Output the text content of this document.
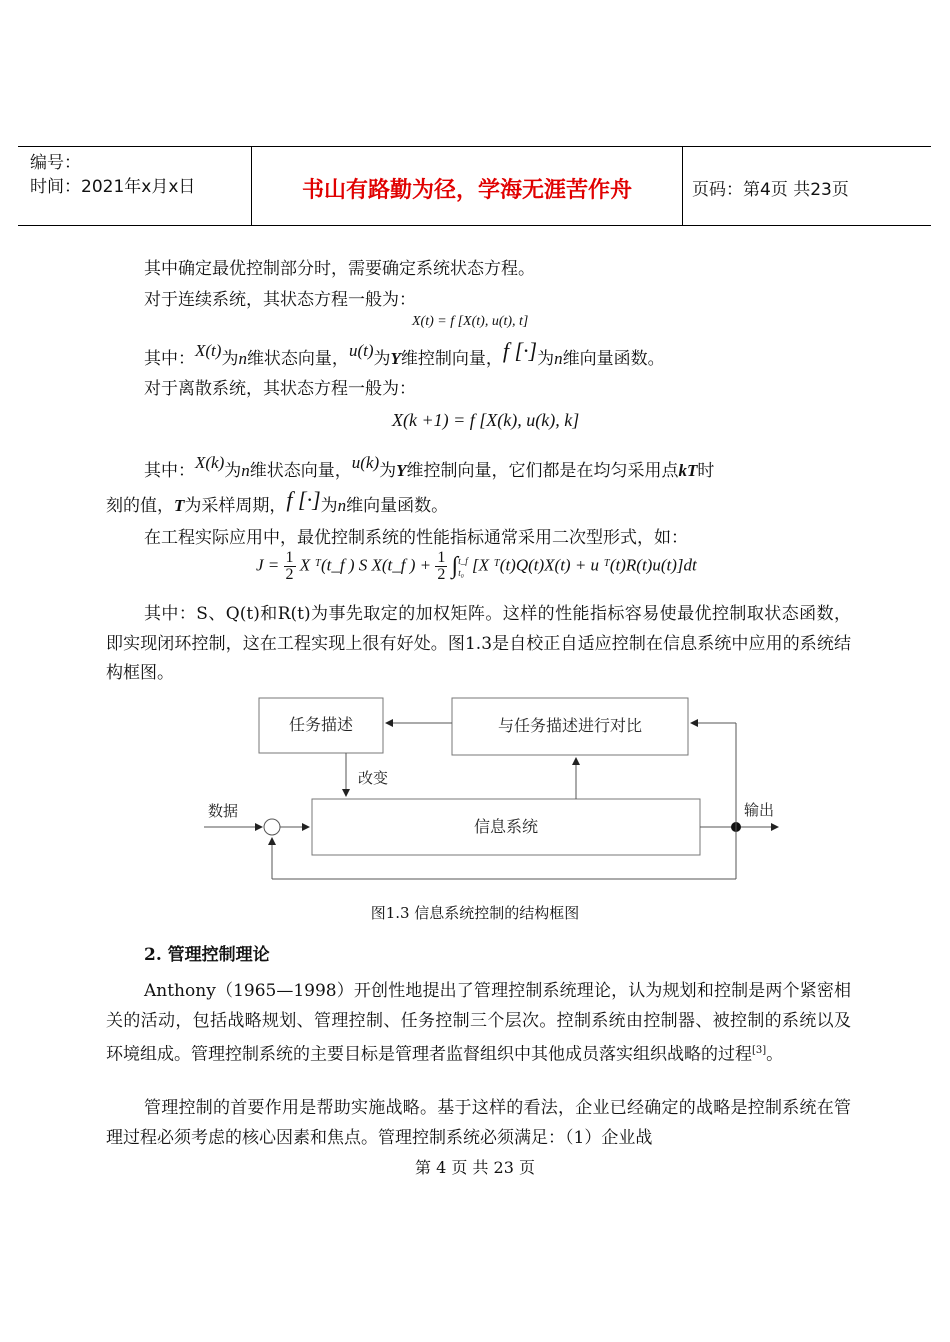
编号：
时间：2021年x月x日	书山有路勤为径，学海无涯苦作舟	页码：第4页 共23页
其中确定最优控制部分时，需要确定系统状态方程。
对于连续系统，其状态方程一般为：
X(t) = f [X(t), u(t), t]
其中：X(t)为n维状态向量，u(t)为Y维控制向量，f [·]为n维向量函数。
对于离散系统，其状态方程一般为：
X(k +1) = f [X(k), u(k), k]
其中：X(k)为n维状态向量，u(k)为Y维控制向量，它们都是在均匀采用点kT时
刻的值，T为采样周期，f [·]为n维向量函数。
在工程实际应用中，最优控制系统的性能指标通常采用二次型形式，如：
$J = \frac{1}{2}$ X ᵀ(t_f ) S X(t_f ) + $\frac{1}{2}$ ∫ t_f
t₀ [X ᵀ(t)Q(t)X(t) + u ᵀ(t)R(t)u(t)]dt
其中：S、Q(t)和R(t)为事先取定的加权矩阵。这样的性能指标容易使最优控制取状态函数，即实现闭环控制，这在工程实现上很有好处。图1.3是自校正自适应控制在信息系统中应用的系统结构框图。
任务描述	与任务描述进行对比
信息系统
改变
输出
数据
图1.3 信息系统控制的结构框图
2. 管理控制理论
Anthony（1965—1998）开创性地提出了管理控制系统理论，认为规划和控制是两个紧密相关的活动，包括战略规划、管理控制、任务控制三个层次。控制系统由控制器、被控制的系统以及环境组成。管理控制系统的主要目标是管理者监督组织中其他成员落实组织战略的过程[3]。
管理控制的首要作用是帮助实施战略。基于这样的看法，企业已经确定的战略是控制系统在管理过程必须考虑的核心因素和焦点。管理控制系统必须满足：（1）企业战
第 4 页 共 23 页
